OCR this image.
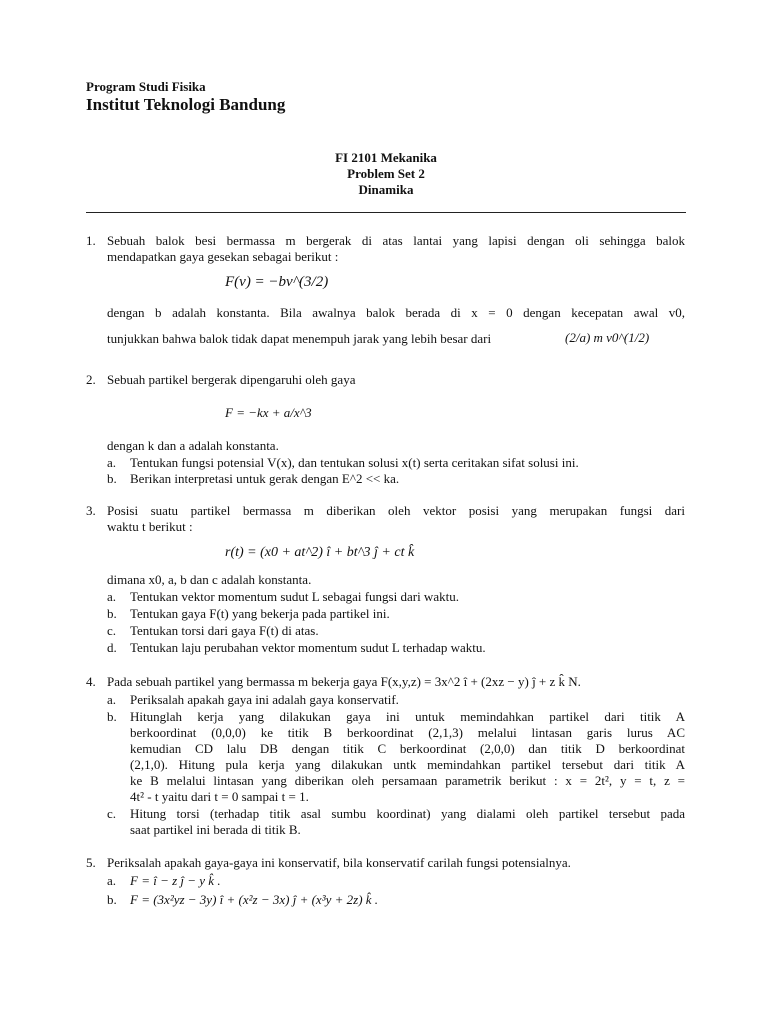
Program Studi Fisika
Institut Teknologi Bandung
FI 2101 Mekanika
Problem Set 2
Dinamika
1. Sebuah balok besi bermassa m bergerak di atas lantai yang lapisi dengan oli sehingga balok
mendapatkan gaya gesekan sebagai berikut :
F(v) = −bv^(3/2)
dengan b adalah konstanta. Bila awalnya balok berada di x = 0 dengan kecepatan awal v0,
tunjukkan bahwa balok tidak dapat menempuh jarak yang lebih besar dari	(2/a) m v0^(1/2)
2. Sebuah partikel bergerak dipengaruhi oleh gaya
F = −kx + a/x^3
dengan k dan a adalah konstanta.
a. Tentukan fungsi potensial V(x), dan tentukan solusi x(t) serta ceritakan sifat solusi ini.
b. Berikan interpretasi untuk gerak dengan E^2 << ka.
3. Posisi suatu partikel bermassa m diberikan oleh vektor posisi yang merupakan fungsi dari
waktu t berikut :
r(t) = (x0 + at^2) î + bt^3 ĵ + ct k̂
dimana x0, a, b dan c adalah konstanta.
a. Tentukan vektor momentum sudut L sebagai fungsi dari waktu.
b. Tentukan gaya F(t) yang bekerja pada partikel ini.
c. Tentukan torsi dari gaya F(t) di atas.
d. Tentukan laju perubahan vektor momentum sudut L terhadap waktu.
4. Pada sebuah partikel yang bermassa m bekerja gaya F(x,y,z) = 3x^2 î + (2xz − y) ĵ + z k̂ N.
a. Periksalah apakah gaya ini adalah gaya konservatif.
b. Hitunglah kerja yang dilakukan gaya ini untuk memindahkan partikel dari titik A
berkoordinat (0,0,0) ke titik B berkoordinat (2,1,3) melalui lintasan garis lurus AC
kemudian CD lalu DB dengan titik C berkoordinat (2,0,0) dan titik D berkoordinat
(2,1,0). Hitung pula kerja yang dilakukan untk memindahkan partikel tersebut dari titik A
ke B melalui lintasan yang diberikan oleh persamaan parametrik berikut : x = 2t², y = t, z =
4t² - t yaitu dari t = 0 sampai t = 1.
c. Hitung torsi (terhadap titik asal sumbu koordinat) yang dialami oleh partikel tersebut pada
saat partikel ini berada di titik B.
5. Periksalah apakah gaya-gaya ini konservatif, bila konservatif carilah fungsi potensialnya.
a. F = î − z ĵ − y k̂ .
b. F = (3x²yz − 3y) î + (x²z − 3x) ĵ + (x³y + 2z) k̂ .
